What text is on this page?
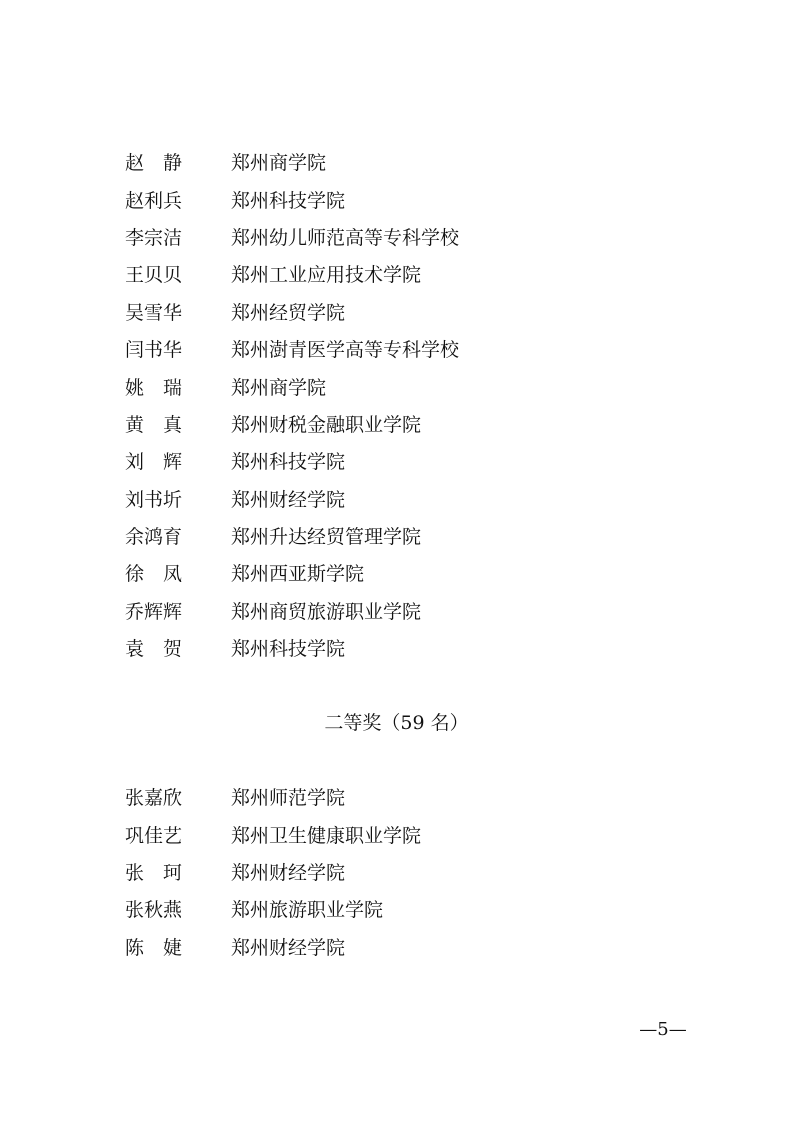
赵　静	郑州商学院
赵利兵	郑州科技学院
李宗洁	郑州幼儿师范高等专科学校
王贝贝	郑州工业应用技术学院
吴雪华	郑州经贸学院
闫书华	郑州澍青医学高等专科学校
姚　瑞	郑州商学院
黄　真	郑州财税金融职业学院
刘　辉	郑州科技学院
刘书圻	郑州财经学院
余鸿育	郑州升达经贸管理学院
徐　凤	郑州西亚斯学院
乔辉辉	郑州商贸旅游职业学院
袁　贺	郑州科技学院
二等奖（59 名）
张嘉欣	郑州师范学院
巩佳艺	郑州卫生健康职业学院
张　珂	郑州财经学院
张秋燕	郑州旅游职业学院
陈　婕	郑州财经学院
—5—
